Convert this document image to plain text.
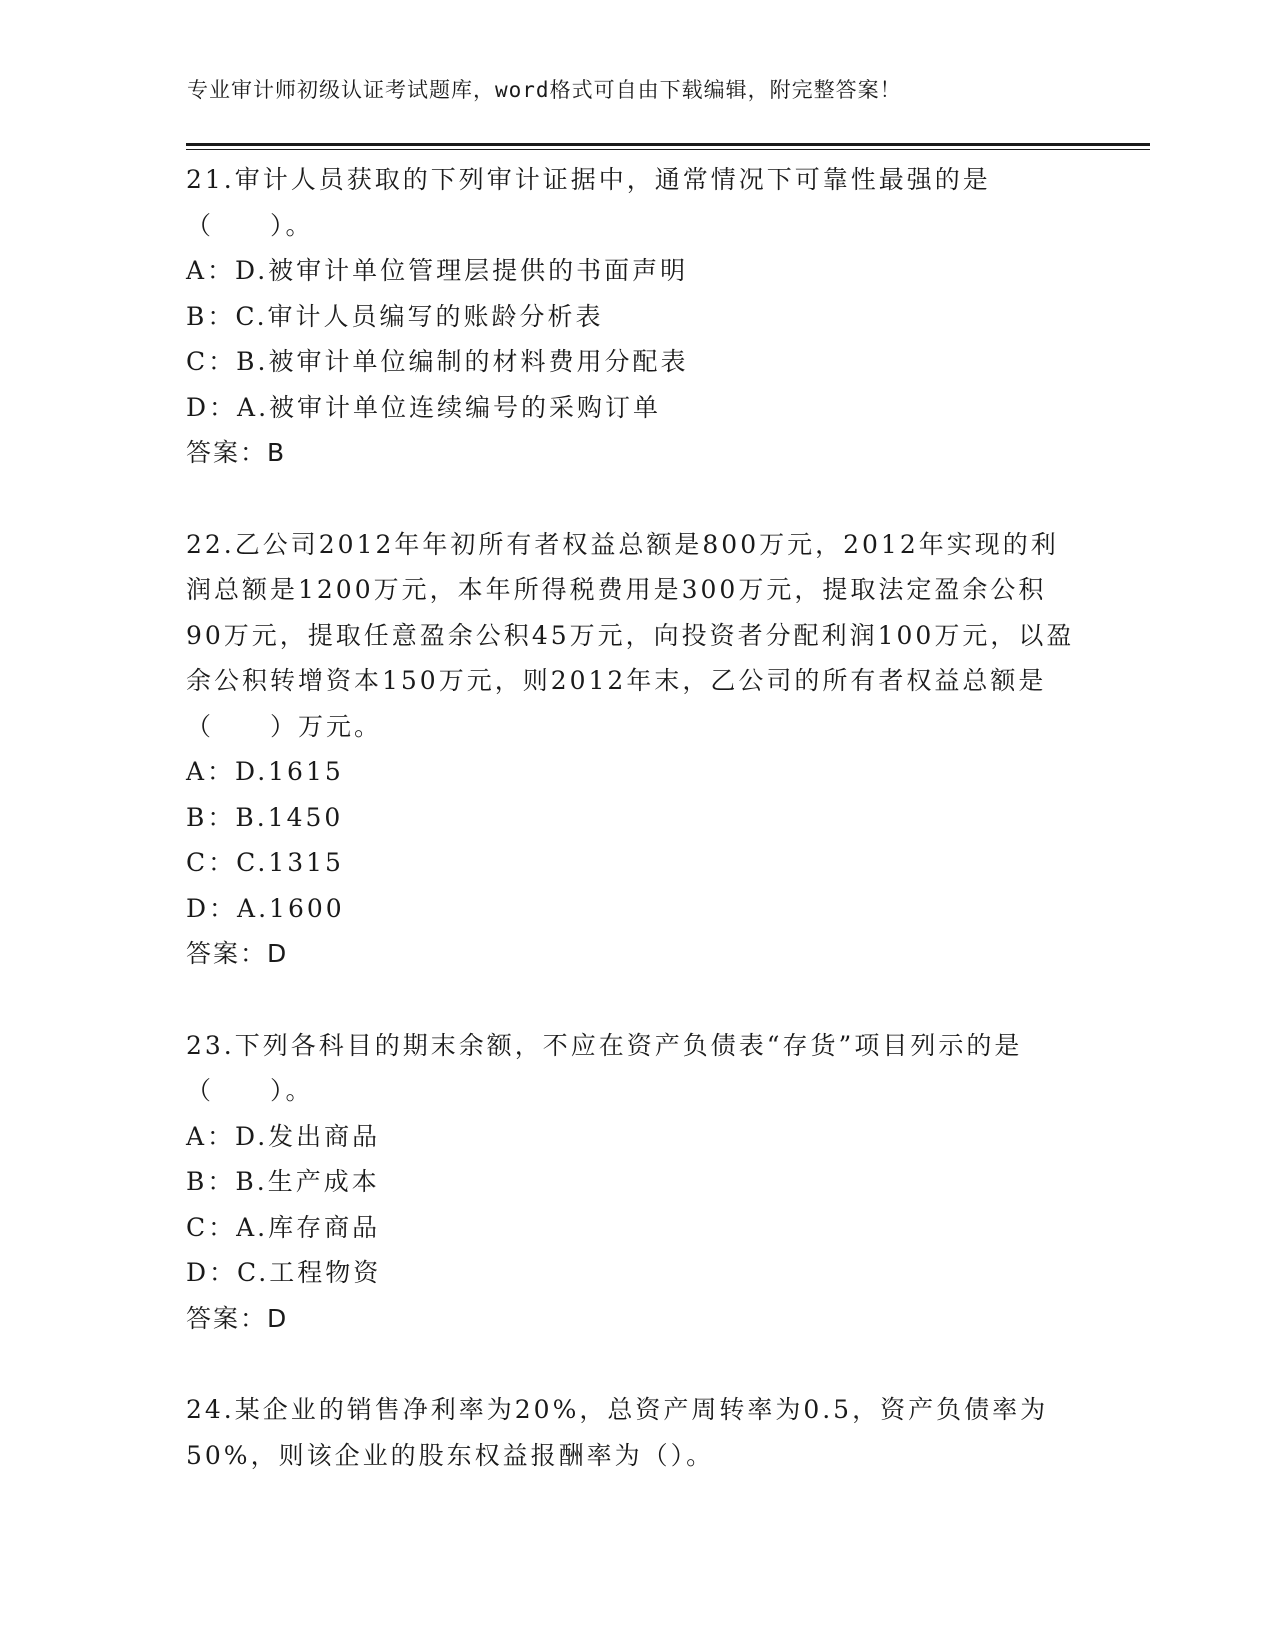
专业审计师初级认证考试题库，word格式可自由下载编辑，附完整答案！
21.审计人员获取的下列审计证据中，通常情况下可靠性最强的是（　　）。
A：D.被审计单位管理层提供的书面声明
B：C.审计人员编写的账龄分析表
C：B.被审计单位编制的材料费用分配表
D：A.被审计单位连续编号的采购订单
答案：B
22.乙公司2012年年初所有者权益总额是800万元，2012年实现的利润总额是1200万元，本年所得税费用是300万元，提取法定盈余公积90万元，提取任意盈余公积45万元，向投资者分配利润100万元，以盈余公积转增资本150万元，则2012年末，乙公司的所有者权益总额是（　　）万元。
A：D.1615
B：B.1450
C：C.1315
D：A.1600
答案：D
23.下列各科目的期末余额，不应在资产负债表“存货”项目列示的是（　　）。
A：D.发出商品
B：B.生产成本
C：A.库存商品
D：C.工程物资
答案：D
24.某企业的销售净利率为20%，总资产周转率为0.5，资产负债率为50%，则该企业的股东权益报酬率为（）。
